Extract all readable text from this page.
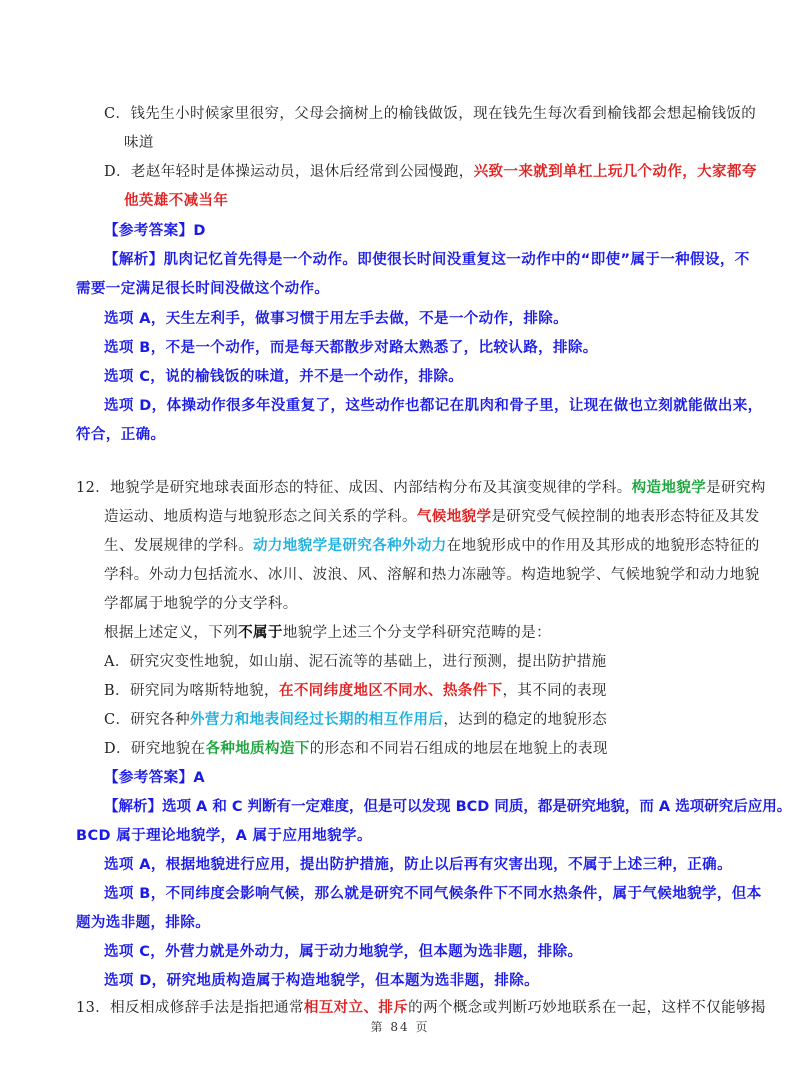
C．钱先生小时候家里很穷，父母会摘树上的榆钱做饭，现在钱先生每次看到榆钱都会想起榆钱饭的
味道
D．老赵年轻时是体操运动员，退休后经常到公园慢跑，兴致一来就到单杠上玩几个动作，大家都夸
他英雄不减当年
【参考答案】D
【解析】肌肉记忆首先得是一个动作。即使很长时间没重复这一动作中的“即使”属于一种假设，不
需要一定满足很长时间没做这个动作。
选项 A，天生左利手，做事习惯于用左手去做，不是一个动作，排除。
选项 B，不是一个动作，而是每天都散步对路太熟悉了，比较认路，排除。
选项 C，说的榆钱饭的味道，并不是一个动作，排除。
选项 D，体操动作很多年没重复了，这些动作也都记在肌肉和骨子里，让现在做也立刻就能做出来，
符合，正确。
12．地貌学是研究地球表面形态的特征、成因、内部结构分布及其演变规律的学科。构造地貌学是研究构
造运动、地质构造与地貌形态之间关系的学科。气候地貌学是研究受气候控制的地表形态特征及其发
生、发展规律的学科。动力地貌学是研究各种外动力在地貌形成中的作用及其形成的地貌形态特征的
学科。外动力包括流水、冰川、波浪、风、溶解和热力冻融等。构造地貌学、气候地貌学和动力地貌
学都属于地貌学的分支学科。
根据上述定义，下列不属于地貌学上述三个分支学科研究范畴的是：
A．研究灾变性地貌，如山崩、泥石流等的基础上，进行预测，提出防护措施
B．研究同为喀斯特地貌，在不同纬度地区不同水、热条件下，其不同的表现
C．研究各种外营力和地表间经过长期的相互作用后，达到的稳定的地貌形态
D．研究地貌在各种地质构造下的形态和不同岩石组成的地层在地貌上的表现
【参考答案】A
【解析】选项 A 和 C 判断有一定难度，但是可以发现 BCD 同质，都是研究地貌，而 A 选项研究后应用。
BCD 属于理论地貌学，A 属于应用地貌学。
选项 A，根据地貌进行应用，提出防护措施，防止以后再有灾害出现，不属于上述三种，正确。
选项 B，不同纬度会影响气候，那么就是研究不同气候条件下不同水热条件，属于气候地貌学，但本
题为选非题，排除。
选项 C，外营力就是外动力，属于动力地貌学，但本题为选非题，排除。
选项 D，研究地质构造属于构造地貌学，但本题为选非题，排除。
13．相反相成修辞手法是指把通常相互对立、排斥的两个概念或判断巧妙地联系在一起，这样不仅能够揭
第 84 页
